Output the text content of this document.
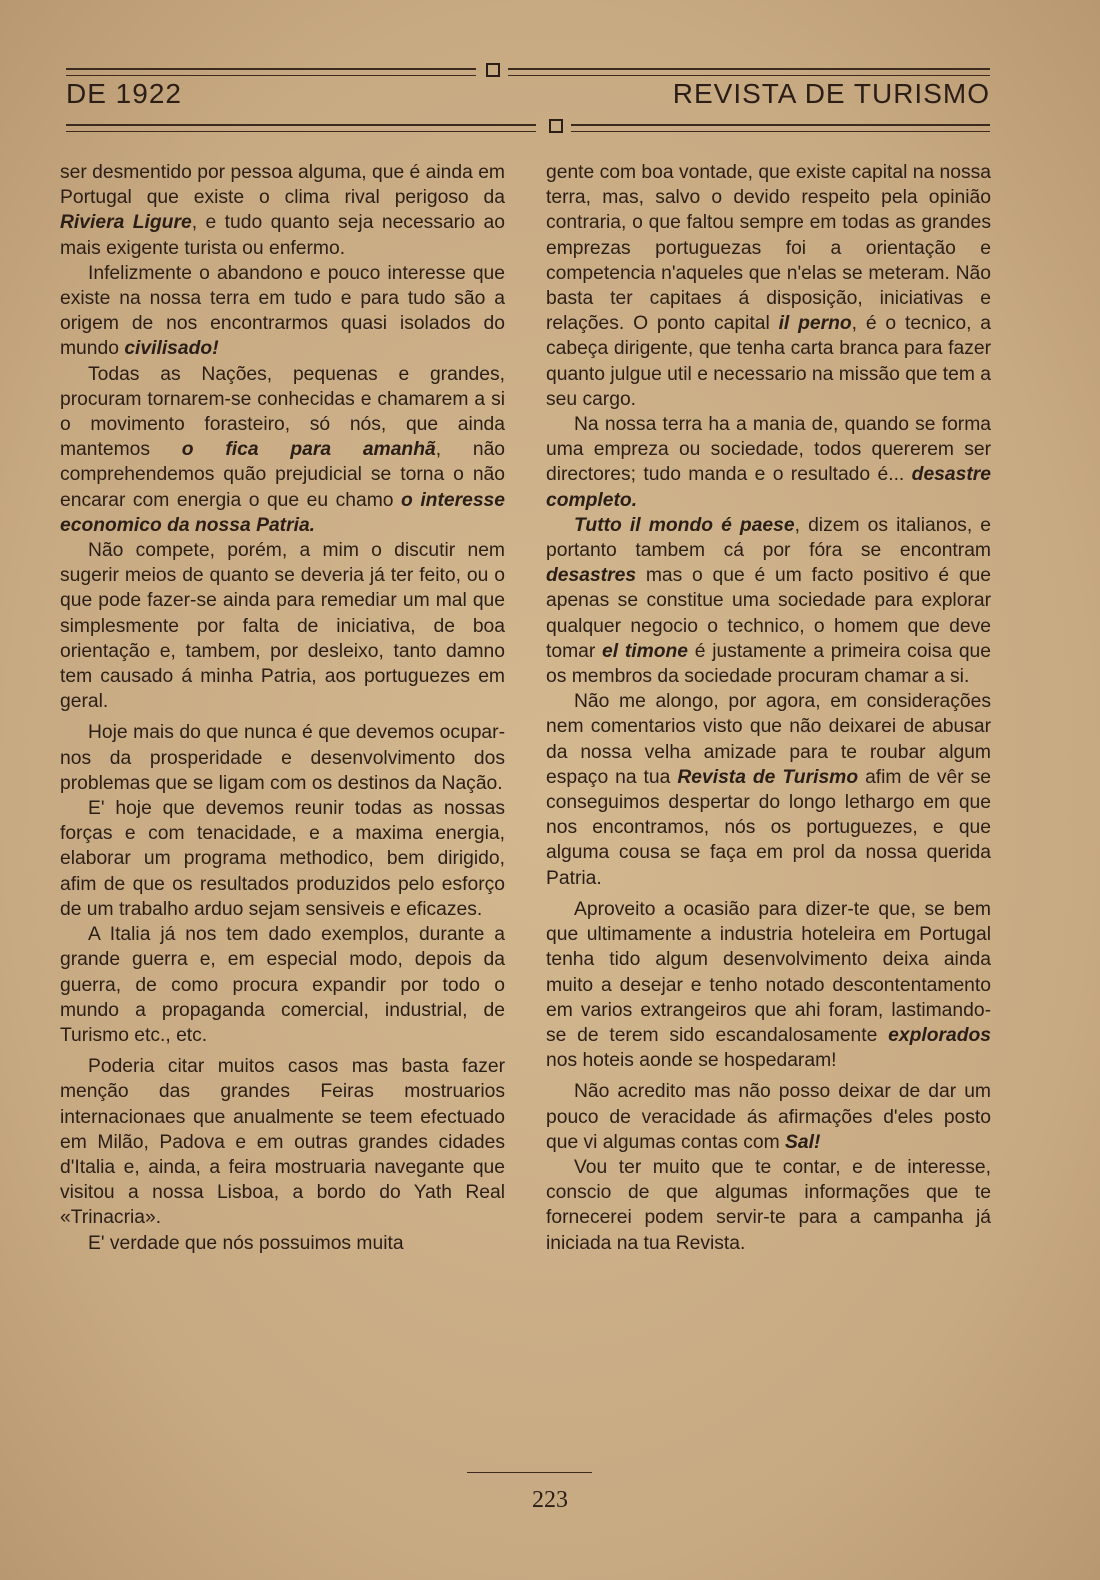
DE 1922	REVISTA DE TURISMO

ser desmentido por pessoa alguma, que é ainda em Portugal que existe o clima rival perigoso da Riviera Ligure, e tudo quanto seja necessario ao mais exigente turista ou enfermo.

Infelizmente o abandono e pouco interesse que existe na nossa terra em tudo e para tudo são a origem de nos encontrarmos quasi isolados do mundo civilisado!

Todas as Nações, pequenas e grandes, procuram tornarem-se conhecidas e chamarem a si o movimento forasteiro, só nós, que ainda mantemos o fica para amanhã, não comprehendemos quão prejudicial se torna o não encarar com energia o que eu chamo o interesse economico da nossa Patria.

Não compete, porém, a mim o discutir nem sugerir meios de quanto se deveria já ter feito, ou o que pode fazer-se ainda para remediar um mal que simplesmente por falta de iniciativa, de boa orientação e, tambem, por desleixo, tanto damno tem causado á minha Patria, aos portuguezes em geral.

Hoje mais do que nunca é que devemos ocupar-nos da prosperidade e desenvolvimento dos problemas que se ligam com os destinos da Nação.

E' hoje que devemos reunir todas as nossas forças e com tenacidade, e a maxima energia, elaborar um programa methodico, bem dirigido, afim de que os resultados produzidos pelo esforço de um trabalho arduo sejam sensiveis e eficazes.

A Italia já nos tem dado exemplos, durante a grande guerra e, em especial modo, depois da guerra, de como procura expandir por todo o mundo a propaganda comercial, industrial, de Turismo etc., etc.

Poderia citar muitos casos mas basta fazer menção das grandes Feiras mostruarios internacionaes que anualmente se teem efectuado em Milão, Padova e em outras grandes cidades d'Italia e, ainda, a feira mostruaria navegante que visitou a nossa Lisboa, a bordo do Yath Real «Trinacria».

E' verdade que nós possuimos muita

gente com boa vontade, que existe capital na nossa terra, mas, salvo o devido respeito pela opinião contraria, o que faltou sempre em todas as grandes emprezas portuguezas foi a orientação e competencia n'aqueles que n'elas se meteram. Não basta ter capitaes á disposição, iniciativas e relações. O ponto capital il perno, é o tecnico, a cabeça dirigente, que tenha carta branca para fazer quanto julgue util e necessario na missão que tem a seu cargo.

Na nossa terra ha a mania de, quando se forma uma empreza ou sociedade, todos quererem ser directores; tudo manda e o resultado é... desastre completo.

Tutto il mondo é paese, dizem os italianos, e portanto tambem cá por fóra se encontram desastres mas o que é um facto positivo é que apenas se constitue uma sociedade para explorar qualquer negocio o technico, o homem que deve tomar el timone é justamente a primeira coisa que os membros da sociedade procuram chamar a si.

Não me alongo, por agora, em considerações nem comentarios visto que não deixarei de abusar da nossa velha amizade para te roubar algum espaço na tua Revista de Turismo afim de vêr se conseguimos despertar do longo lethargo em que nos encontramos, nós os portuguezes, e que alguma cousa se faça em prol da nossa querida Patria.

Aproveito a ocasião para dizer-te que, se bem que ultimamente a industria hoteleira em Portugal tenha tido algum desenvolvimento deixa ainda muito a desejar e tenho notado descontentamento em varios extrangeiros que ahi foram, lastimando-se de terem sido escandalosamente explorados nos hoteis aonde se hospedaram!

Não acredito mas não posso deixar de dar um pouco de veracidade ás afirmações d'eles posto que vi algumas contas com Sal!

Vou ter muito que te contar, e de interesse, conscio de que algumas informações que te fornecerei podem servir-te para a campanha já iniciada na tua Revista.

223
